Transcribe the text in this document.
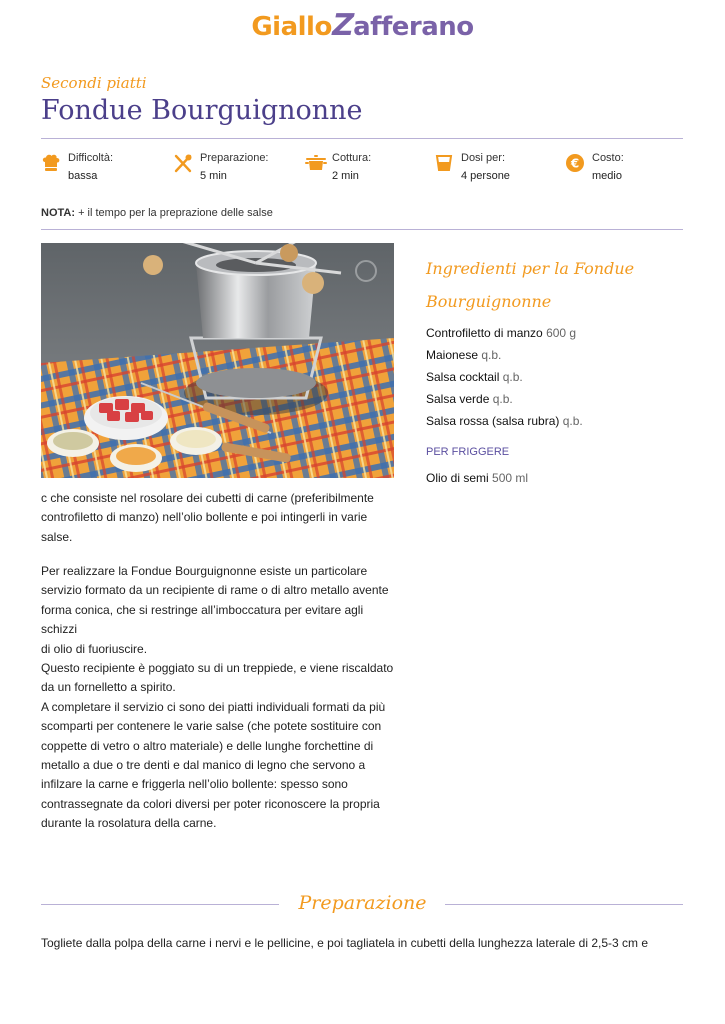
GialloZafferano
Secondi piatti
Fondue Bourguignonne
Difficoltà:
bassa
Preparazione:
5 min
Cottura:
2 min
Dosi per:
4 persone
€ Costo:
medio
NOTA: + il tempo per la preprazione delle salse
Ingredienti per la Fondue Bourguignonne
Controfiletto di manzo 600 g
Maionese q.b.
Salsa cocktail q.b.
Salsa verde q.b.
Salsa rossa (salsa rubra) q.b.
PER FRIGGERE
Olio di semi 500 ml

c che consiste nel rosolare dei cubetti di carne (preferibilmente

controfiletto di manzo) nell’olio bollente e poi intingerli in varie

salse.

Per realizzare la Fondue Bourguignonne esiste un particolare

servizio formato da un recipiente di rame o di altro metallo avente

forma conica, che si restringe all’imboccatura per evitare agli schizzi

di olio di fuoriuscire.

Questo recipiente è poggiato su di un treppiede, e viene riscaldato

da un fornelletto a spirito.

A completare il servizio ci sono dei piatti individuali formati da più

scomparti per contenere le varie salse (che potete sostituire con

coppette di vetro o altro materiale) e delle lunghe forchettine di

metallo a due o tre denti e dal manico di legno che servono a

infilzare la carne e friggerla nell’olio bollente: spesso sono

contrassegnate da colori diversi per poter riconoscere la propria

durante la rosolatura della carne.

Preparazione
Togliete dalla polpa della carne i nervi e le pellicine, e poi tagliatela in cubetti della lunghezza laterale di 2,5-3 cm e
